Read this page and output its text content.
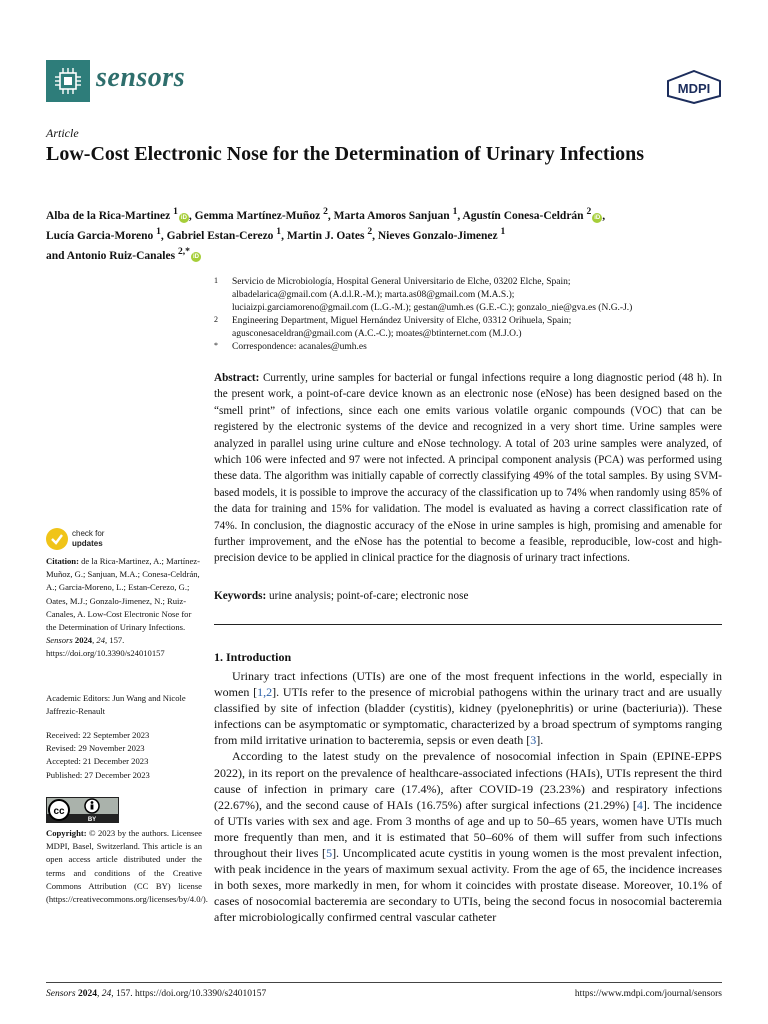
sensors	MDPI
Article
Low-Cost Electronic Nose for the Determination of Urinary Infections
Alba de la Rica-Martinez $^1$iD , Gemma Martínez-Muñoz $^2$, Marta Amoros Sanjuan $^1$, Agustín Conesa-Celdrán $^2$iD ,
Lucía Garcia-Moreno $^1$, Gabriel Estan-Cerezo $^1$, Martin J. Oates $^2$, Nieves Gonzalo-Jimenez $^1$
and Antonio Ruiz-Canales $^{2,*}$iD
1 Servicio de Microbiología, Hospital General Universitario de Elche, 03202 Elche, Spain;
albadelarica@gmail.com (A.d.l.R.-M.); marta.as08@gmail.com (M.A.S.);
luciaizpi.garciamoreno@gmail.com (L.G.-M.); gestan@umh.es (G.E.-C.); gonzalo_nie@gva.es (N.G.-J.)
2 Engineering Department, Miguel Hernández University of Elche, 03312 Orihuela, Spain;
agusconesaceldran@gmail.com (A.C.-C.); moates@btinternet.com (M.J.O.)
* Correspondence: acanales@umh.es
Abstract: Currently, urine samples for bacterial or fungal infections require a long diagnostic period (48 h). In the present work, a point-of-care device known as an electronic nose (eNose) has been designed based on the “smell print” of infections, since each one emits various volatile organic compounds (VOC) that can be registered by the electronic systems of the device and recognized in a very short time. Urine samples were analyzed in parallel using urine culture and eNose technology. A total of 203 urine samples were analyzed, of which 106 were infected and 97 were not infected. A principal component analysis (PCA) was performed using these data. The algorithm was initially capable of correctly classifying 49% of the total samples. By using SVM-based models, it is possible to improve the accuracy of the classification up to 74% when randomly using 85% of the data for training and 15% for validation. The model is evaluated as having a correct classification rate of 74%. In conclusion, the diagnostic accuracy of the eNose in urine samples is high, promising and amenable for further improvement, and the eNose has the potential to become a feasible, reproducible, low-cost and high-precision device to be applied in clinical practice for the diagnosis of urinary tract infections.
Keywords: urine analysis; point-of-care; electronic nose
1. Introduction

Urinary tract infections (UTIs) are one of the most frequent infections in the world, especially in women [1,2]. UTIs refer to the presence of microbial pathogens within the urinary tract and are usually classified by site of infection (bladder (cystitis), kidney (pyelonephritis) or urine (bacteriuria)). These infections can be asymptomatic or symptomatic, characterized by a broad spectrum of symptoms ranging from mild irritative urination to bacteremia, sepsis or even death [3].

According to the latest study on the prevalence of nosocomial infection in Spain (EPINE-EPPS 2022), in its report on the prevalence of healthcare-associated infections (HAIs), UTIs represent the third cause of infection in primary care (17.4%), after COVID-19 (23.23%) and respiratory infections (22.67%), and the second cause of HAIs (16.75%) after surgical infections (21.29%) [4]. The incidence of UTIs varies with sex and age. From 3 months of age and up to 50–65 years, women have UTIs much more frequently than men, and it is estimated that 50–60% of them will suffer from such infections throughout their lives [5]. Uncomplicated acute cystitis in young women is the most prevalent infection, with peak incidence in the years of maximum sexual activity. From the age of 65, the incidence increases in both sexes, more markedly in men, for whom it coincides with prostate disease. Moreover, 10.1% of cases of nosocomial bacteremia are secondary to UTIs, being the second focus in nosocomial bacteremia after microbiologically confirmed central vascular catheter

check for
updates
Citation: de la Rica-Martinez, A.; Martínez-Muñoz, G.; Sanjuan, M.A.; Conesa-Celdrán, A.; Garcia-Moreno, L.; Estan-Cerezo, G.; Oates, M.J.; Gonzalo-Jimenez, N.; Ruiz-Canales, A. Low-Cost Electronic Nose for the Determination of Urinary Infections. Sensors 2024, 24, 157. https://doi.org/10.3390/s24010157
Academic Editors: Jun Wang and Nicole Jaffrezic-Renault
Received: 22 September 2023
Revised: 29 November 2023
Accepted: 21 December 2023
Published: 27 December 2023
cc
BY
Copyright: © 2023 by the authors. Licensee MDPI, Basel, Switzerland. This article is an open access article distributed under the terms and conditions of the Creative Commons Attribution (CC BY) license (https://creativecommons.org/licenses/by/4.0/).
Sensors 2024, 24, 157. https://doi.org/10.3390/s24010157	https://www.mdpi.com/journal/sensors
